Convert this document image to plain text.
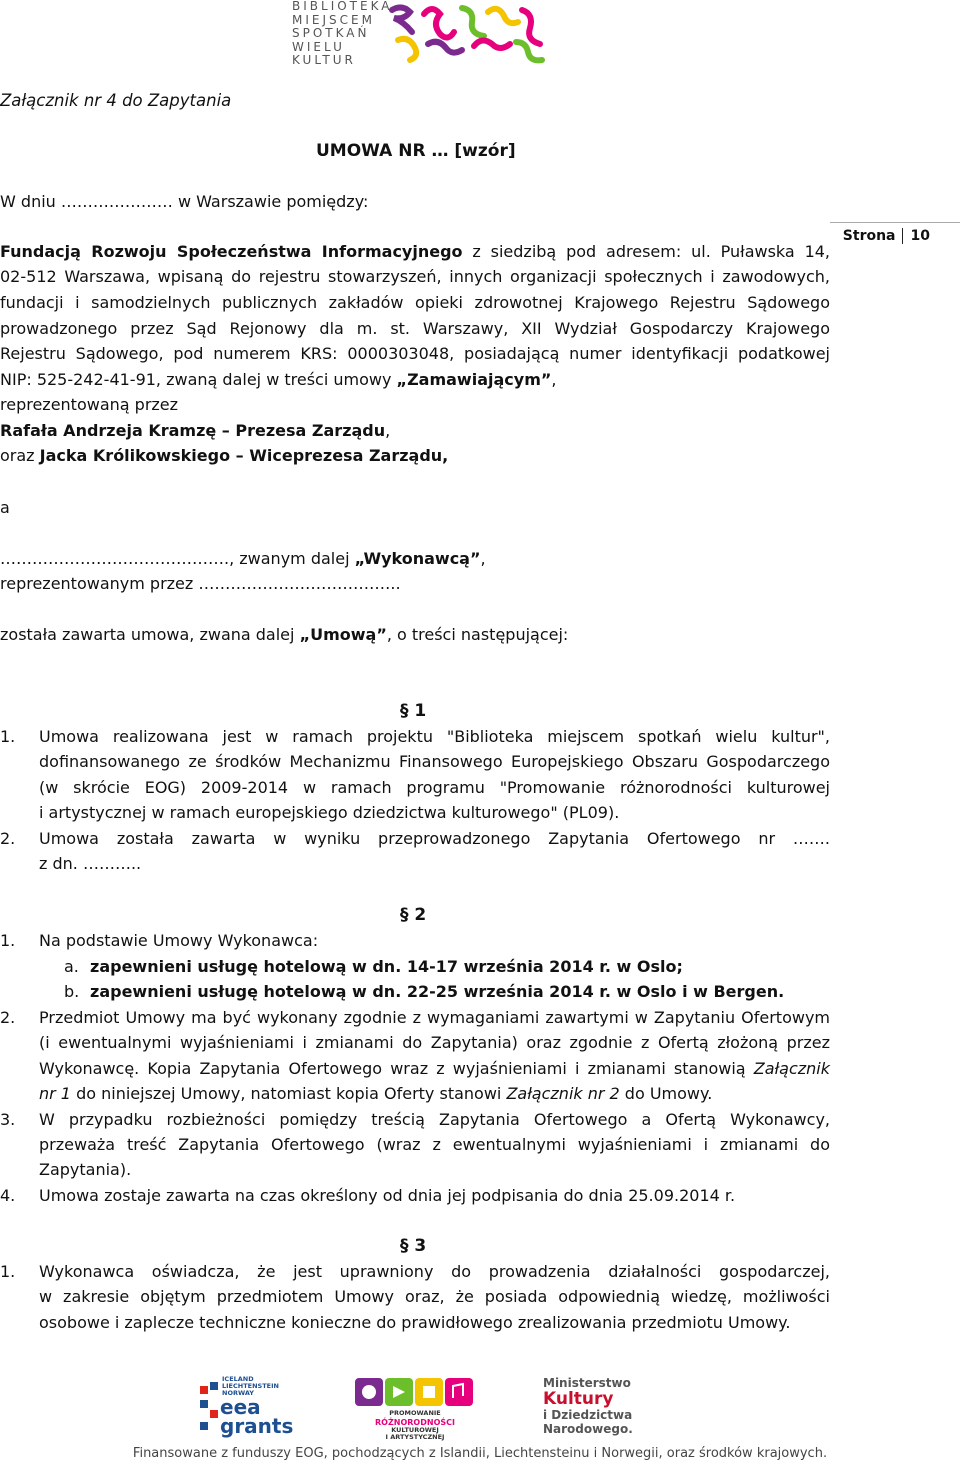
BIBLIOTEKA
MIEJSCEM
SPOTKAŃ
WIELU
KULTUR
Załącznik nr 4 do Zapytania
UMOWA NR … [wzór]
Strona 10
W dniu ………………… w Warszawie pomiędzy:
Fundacją Rozwoju Społeczeństwa Informacyjnego z siedzibą pod adresem: ul. Puławska 14,
02-512 Warszawa, wpisaną do rejestru stowarzyszeń, innych organizacji społecznych i zawodowych,
fundacji i samodzielnych publicznych zakładów opieki zdrowotnej Krajowego Rejestru Sądowego
prowadzonego przez Sąd Rejonowy dla m. st. Warszawy, XII Wydział Gospodarczy Krajowego
Rejestru Sądowego, pod numerem KRS: 0000303048, posiadającą numer identyfikacji podatkowej
NIP: 525-242-41-91, zwaną dalej w treści umowy „Zamawiającym”,
reprezentowaną przez
Rafała Andrzeja Kramzę – Prezesa Zarządu,
oraz Jacka Królikowskiego – Wiceprezesa Zarządu,
a
……………………………………., zwanym dalej „Wykonawcą”,
reprezentowanym przez ………………………………..
została zawarta umowa, zwana dalej „Umową”, o treści następującej:
§ 1
1. Umowa realizowana jest w ramach projektu "Biblioteka miejscem spotkań wielu kultur",
dofinansowanego ze środków Mechanizmu Finansowego Europejskiego Obszaru Gospodarczego
(w skrócie EOG) 2009-2014 w ramach programu "Promowanie różnorodności kulturowej
i artystycznej w ramach europejskiego dziedzictwa kulturowego" (PL09).
2. Umowa została zawarta w wyniku przeprowadzonego Zapytania Ofertowego nr …….
z dn. ………..
§ 2
1. Na podstawie Umowy Wykonawca:
a. zapewnieni usługę hotelową w dn. 14-17 września 2014 r. w Oslo;
b. zapewnieni usługę hotelową w dn. 22-25 września 2014 r. w Oslo i w Bergen.
2. Przedmiot Umowy ma być wykonany zgodnie z wymaganiami zawartymi w Zapytaniu Ofertowym
(i ewentualnymi wyjaśnieniami i zmianami do Zapytania) oraz zgodnie z Ofertą złożoną przez
Wykonawcę. Kopia Zapytania Ofertowego wraz z wyjaśnieniami i zmianami stanowią Załącznik
nr 1 do niniejszej Umowy, natomiast kopia Oferty stanowi Załącznik nr 2 do Umowy.
3. W przypadku rozbieżności pomiędzy treścią Zapytania Ofertowego a Ofertą Wykonawcy,
przeważa treść Zapytania Ofertowego (wraz z ewentualnymi wyjaśnieniami i zmianami do
Zapytania).
4. Umowa zostaje zawarta na czas określony od dnia jej podpisania do dnia 25.09.2014 r.
§ 3
1. Wykonawca oświadcza, że jest uprawniony do prowadzenia działalności gospodarczej,
w zakresie objętym przedmiotem Umowy oraz, że posiada odpowiednią wiedzę, możliwości
osobowe i zaplecze techniczne konieczne do prawidłowego zrealizowania przedmiotu Umowy.
ICELAND
LIECHTENSTEIN
NORWAY
eea
grants
PROMOWANIE
RÓŻNORODNOŚCI
KULTUROWEJ
I ARTYSTYCZNEJ
Ministerstwo
Kultury
i Dziedzictwa
Narodowego.
Finansowane z funduszy EOG, pochodzących z Islandii, Liechtensteinu i Norwegii, oraz środków krajowych.
